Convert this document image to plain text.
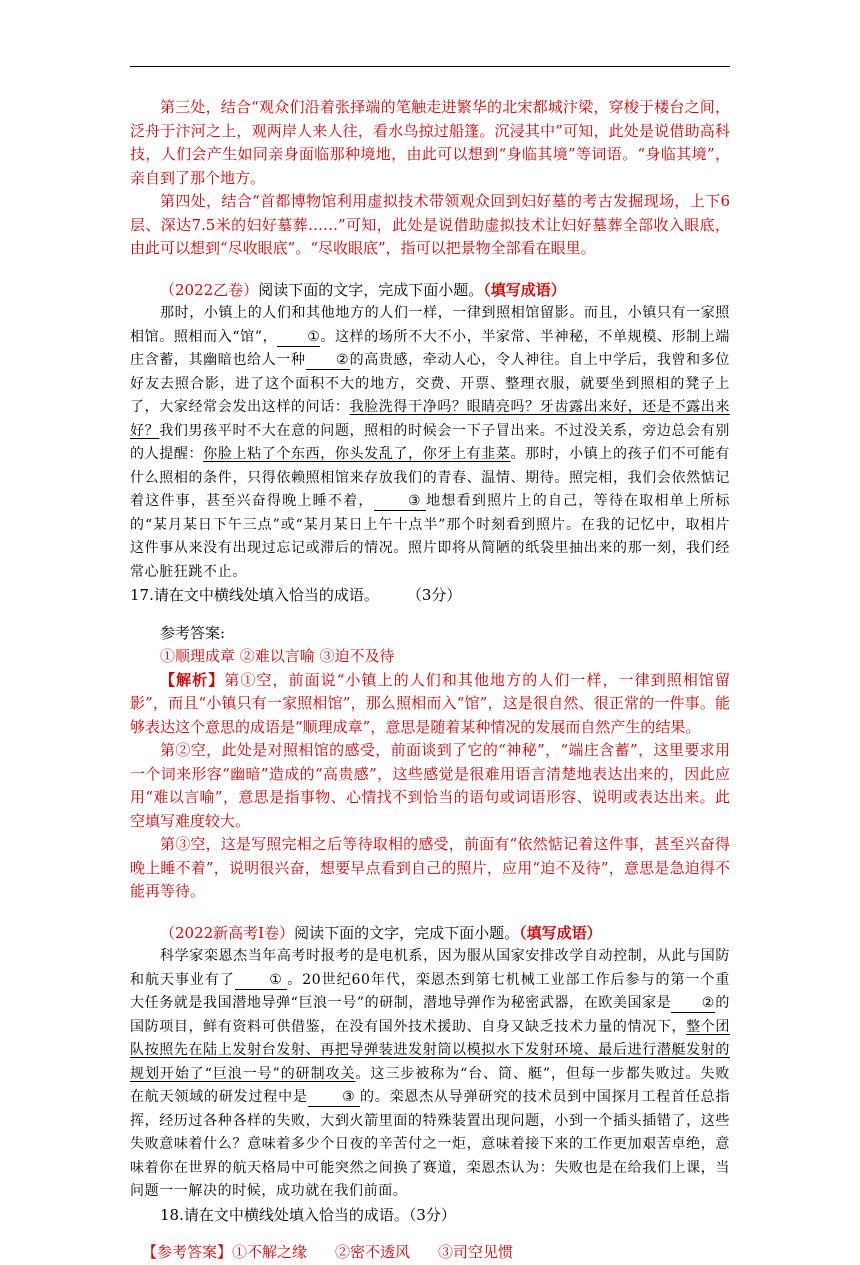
第三处，结合“观众们沿着张择端的笔触走进繁华的北宋都城汴梁，穿梭于楼台之间，泛舟于汴河之上，观两岸人来人往，看水鸟掠过船篷。沉浸其中”可知，此处是说借助高科技，人们会产生如同亲身面临那种境地，由此可以想到“身临其境”等词语。“身临其境”，亲自到了那个地方。

第四处，结合“首都博物馆利用虚拟技术带领观众回到妇好墓的考古发掘现场，上下6层、深达7.5米的妇好墓葬……”可知，此处是说借助虚拟技术让妇好墓葬全部收入眼底，由此可以想到“尽收眼底”。“尽收眼底”，指可以把景物全部看在眼里。

（2022乙卷）阅读下面的文字，完成下面小题。（填写成语）

那时，小镇上的人们和其他地方的人们一样，一律到照相馆留影。而且，小镇只有一家照相馆。照相而入“馆”， ①。这样的场所不大不小，半家常、半神秘，不单规模、形制上端庄含蓄，其幽暗也给人一种 ②的高贵感，牵动人心，令人神往。自上中学后，我曾和多位好友去照合影，进了这个面积不大的地方，交费、开票、整理衣服，就要坐到照相的凳子上了，大家经常会发出这样的问话：我脸洗得干净吗？眼睛亮吗？牙齿露出来好，还是不露出来好？我们男孩平时不大在意的问题，照相的时候会一下子冒出来。不过没关系，旁边总会有别的人提醒：你脸上粘了个东西，你头发乱了，你牙上有韭菜。那时，小镇上的孩子们不可能有什么照相的条件，只得依赖照相馆来存放我们的青春、温情、期待。照完相，我们会依然惦记着这件事，甚至兴奋得晚上睡不着， ③ 地想看到照片上的自己，等待在取相单上所标的“某月某日下午三点”或“某月某日上午十点半”那个时刻看到照片。在我的记忆中，取相片这件事从来没有出现过忘记或滞后的情况。照片即将从简陋的纸袋里抽出来的那一刻，我们经常心脏狂跳不止。

17.请在文中横线处填入恰当的成语。 （3分）

参考答案:

①顺理成章 ②难以言喻 ③迫不及待

【解析】第①空，前面说“小镇上的人们和其他地方的人们一样，一律到照相馆留影”，而且“小镇只有一家照相馆”，那么照相而入“馆”，这是很自然、很正常的一件事。能够表达这个意思的成语是“顺理成章”，意思是随着某种情况的发展而自然产生的结果。

第②空，此处是对照相馆的感受，前面谈到了它的“神秘”，“端庄含蓄”，这里要求用一个词来形容“幽暗”造成的“高贵感”，这些感觉是很难用语言清楚地表达出来的，因此应用“难以言喻”，意思是指事物、心情找不到恰当的语句或词语形容、说明或表达出来。此空填写难度较大。

第③空，这是写照完相之后等待取相的感受，前面有“依然惦记着这件事，甚至兴奋得晚上睡不着”，说明很兴奋，想要早点看到自己的照片，应用“迫不及待”，意思是急迫得不能再等待。

（2022新高考I卷）阅读下面的文字，完成下面小题。（填写成语）

科学家栾恩杰当年高考时报考的是电机系，因为服从国家安排改学自动控制，从此与国防和航天事业有了 ① 。20世纪60年代，栾恩杰到第七机械工业部工作后参与的第一个重大任务就是我国潜地导弹“巨浪一号”的研制，潜地导弹作为秘密武器，在欧美国家是 ②的国防项目，鲜有资料可供借鉴，在没有国外技术援助、自身又缺乏技术力量的情况下，整个团队按照先在陆上发射台发射、再把导弹装进发射筒以模拟水下发射环境、最后进行潜艇发射的规划开始了“巨浪一号”的研制攻关。这三步被称为“台、筒、艇”，但每一步都失败过。失败在航天领域的研发过程中是 ③ 的。栾恩杰从导弹研究的技术员到中国探月工程首任总指挥，经历过各种各样的失败，大到火箭里面的特殊装置出现问题，小到一个插头插错了，这些失败意味着什么？意味着多少个日夜的辛苦付之一炬，意味着接下来的工作更加艰苦卓绝，意味着你在世界的航天格局中可能突然之间换了赛道，栾恩杰认为：失败也是在给我们上课，当问题一一解决的时候，成功就在我们前面。

18.请在文中横线处填入恰当的成语。（3分）

【参考答案】①不解之缘 ②密不透风 ③司空见惯
